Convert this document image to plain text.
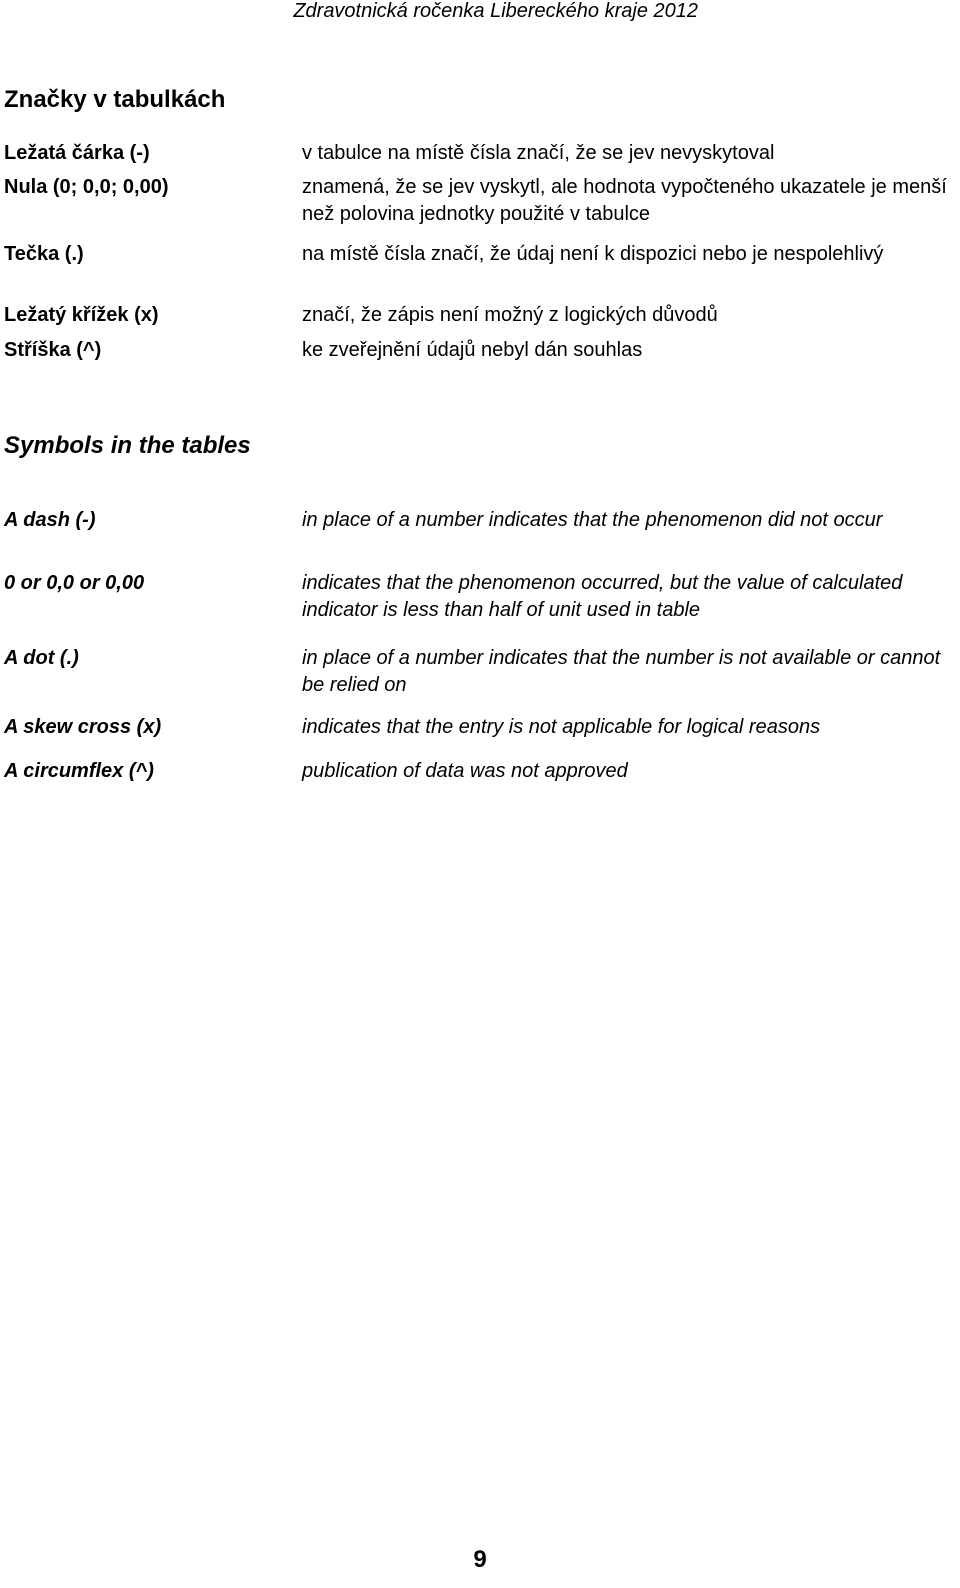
Zdravotnická ročenka Libereckého kraje 2012
Značky v tabulkách
Ležatá čárka (-)	v tabulce na místě čísla značí, že se jev nevyskytoval
Nula (0; 0,0; 0,00)	znamená, že se jev vyskytl, ale hodnota vypočteného ukazatele je menší než polovina jednotky použité v tabulce
Tečka (.)	na místě čísla značí, že údaj není k dispozici nebo je nespolehlivý
Ležatý křížek (x)	značí, že zápis není možný z logických důvodů
Stříška (^)	ke zveřejnění údajů nebyl dán souhlas
Symbols in the tables
A dash (-)	in place of a number indicates that the phenomenon did not occur
0 or 0,0 or 0,00	indicates that the phenomenon occurred, but the value of calculated indicator is less than half of unit used in table
A dot (.)	in place of a number indicates that the number is not available or cannot be relied on
A skew cross (x)	indicates that the entry is not applicable for logical reasons
A circumflex (^)	publication of data was not approved
9
